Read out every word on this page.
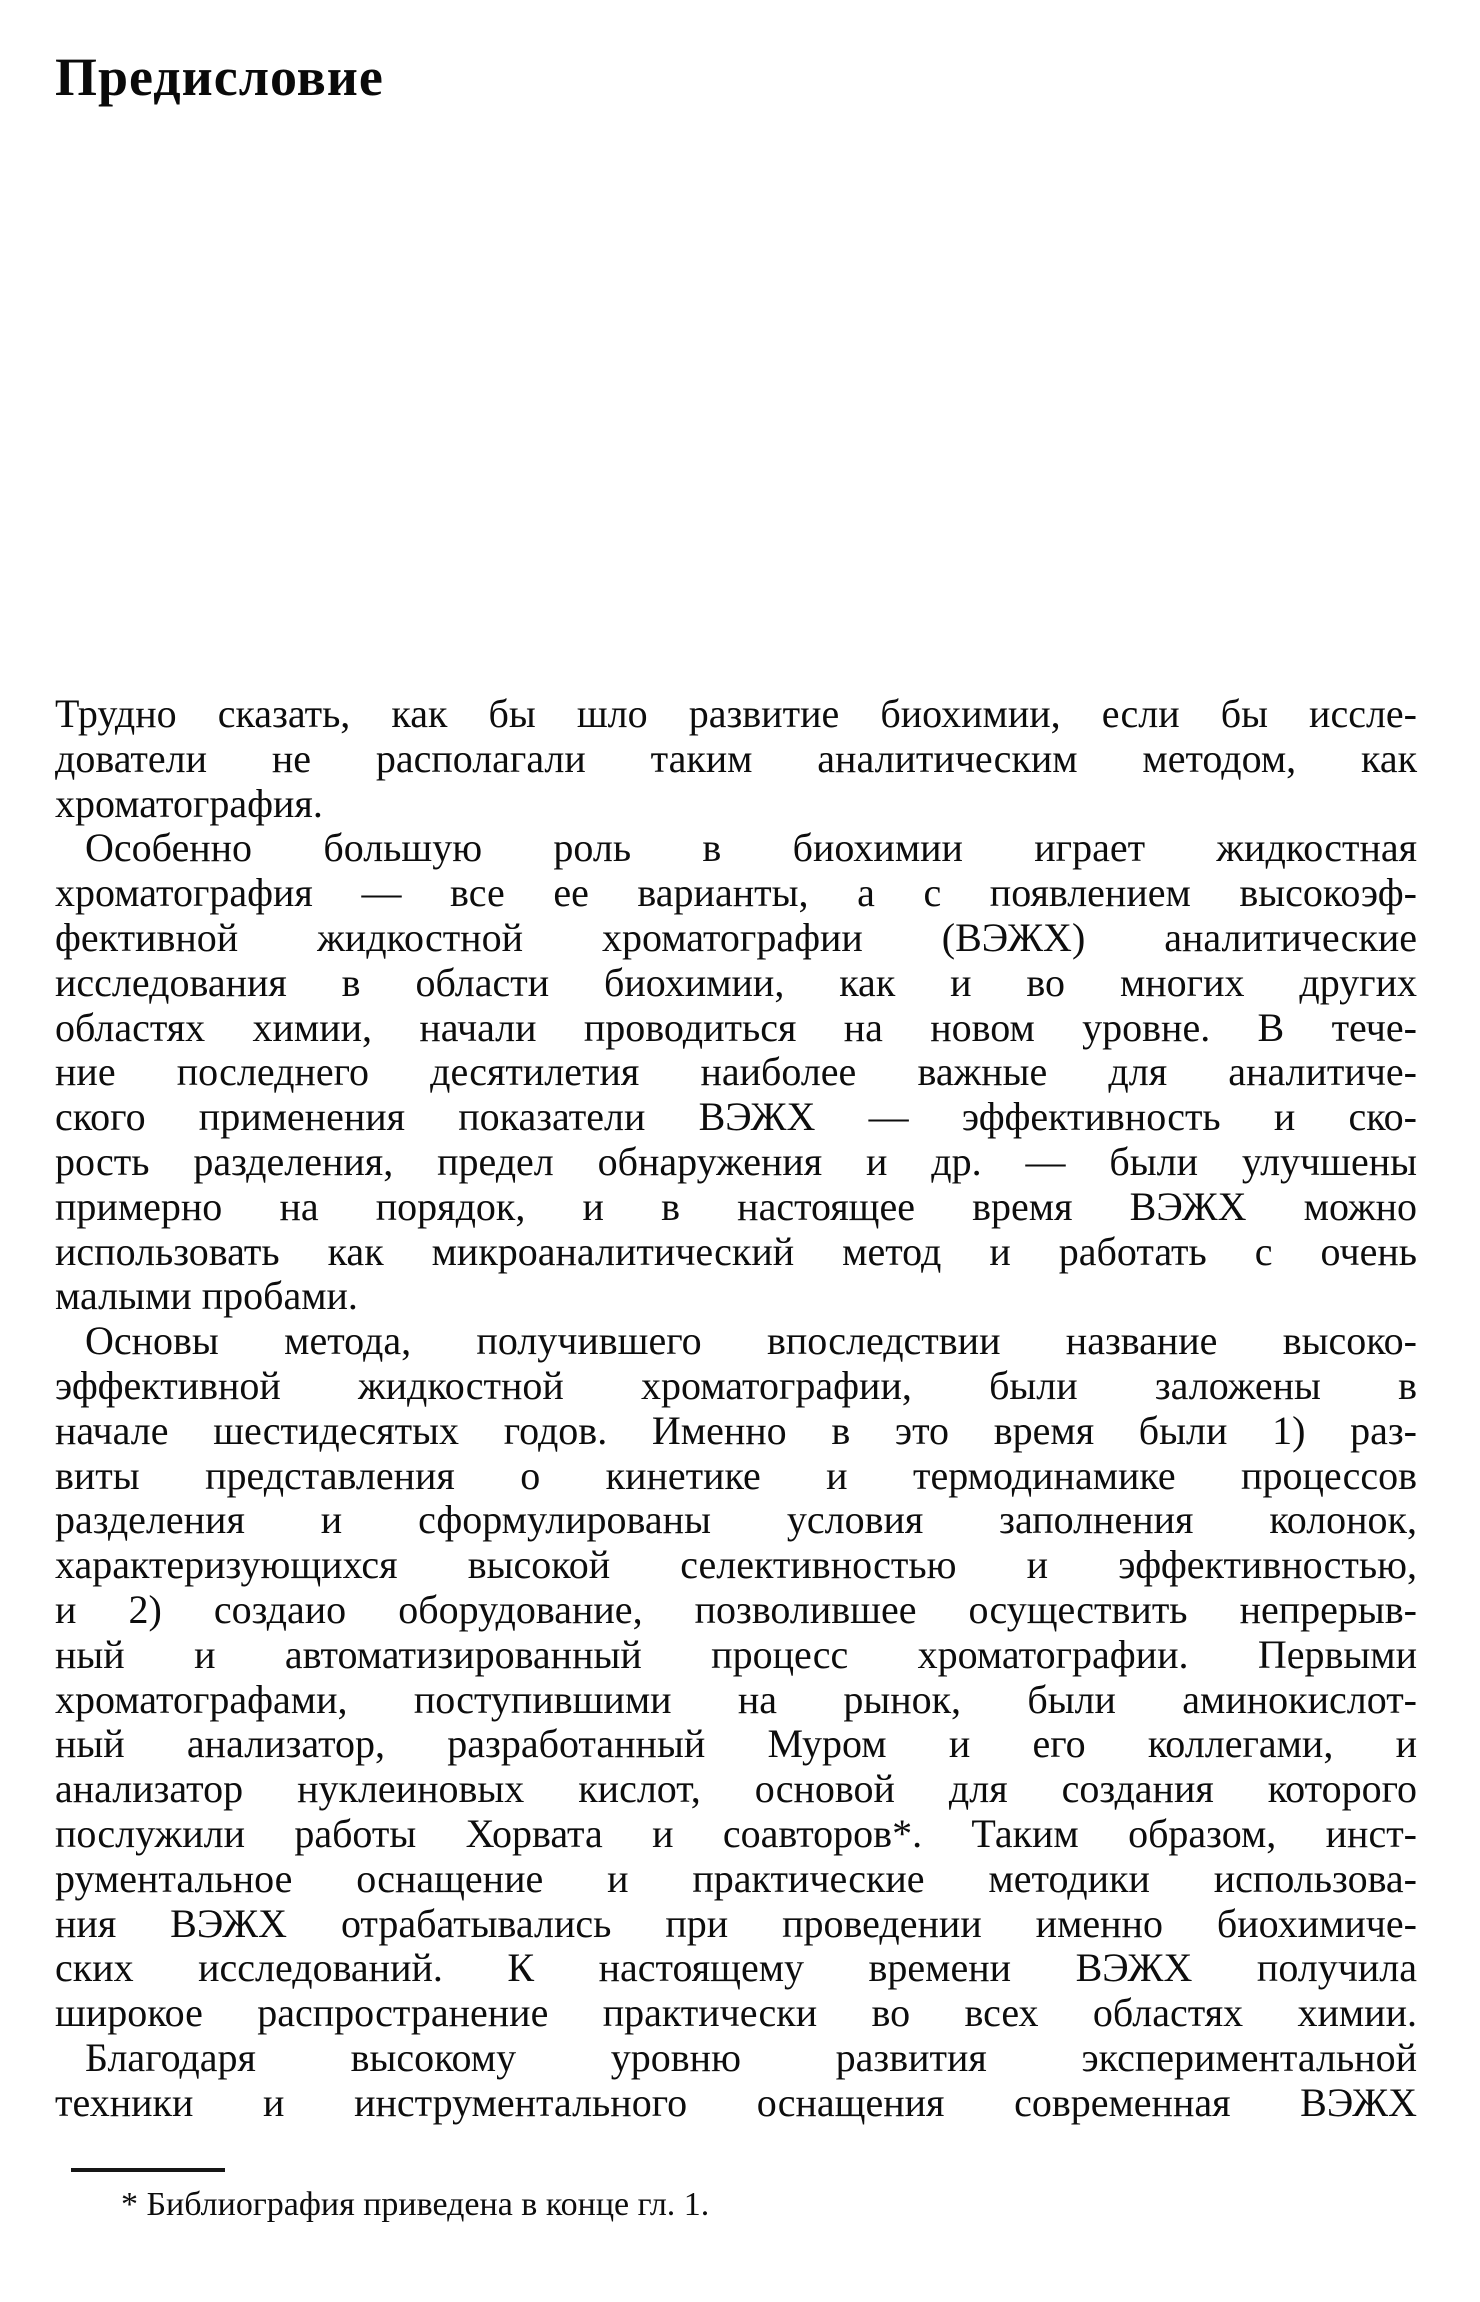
Предисловие
Трудно сказать, как бы шло развитие биохимии, если бы иссле-
дователи не располагали таким аналитическим методом, как
хроматография.
Особенно большую роль в биохимии играет жидкостная
хроматография — все ее варианты, а с появлением высокоэф-
фективной жидкостной хроматографии (ВЭЖХ) аналитические
исследования в области биохимии, как и во многих других
областях химии, начали проводиться на новом уровне. В тече-
ние последнего десятилетия наиболее важные для аналитиче-
ского применения показатели ВЭЖХ — эффективность и ско-
рость разделения, предел обнаружения и др. — были улучшены
примерно на порядок, и в настоящее время ВЭЖХ можно
использовать как микроаналитический метод и работать с очень
малыми пробами.
Основы метода, получившего впоследствии название высоко-
эффективной жидкостной хроматографии, были заложены в
начале шестидесятых годов. Именно в это время были 1) раз-
виты представления о кинетике и термодинамике процессов
разделения и сформулированы условия заполнения колонок,
характеризующихся высокой селективностью и эффективностью,
и 2) создаио оборудование, позволившее осуществить непрерыв-
ный и автоматизированный процесс хроматографии. Первыми
хроматографами, поступившими на рынок, были аминокислот-
ный анализатор, разработанный Муром и его коллегами, и
анализатор нуклеиновых кислот, основой для создания которого
послужили работы Хорвата и соавторов*. Таким образом, инст-
рументальное оснащение и практические методики использова-
ния ВЭЖХ отрабатывались при проведении именно биохимиче-
ских исследований. К настоящему времени ВЭЖХ получила
широкое распространение практически во всех областях химии.
Благодаря высокому уровню развития экспериментальной
техники и инструментального оснащения современная ВЭЖХ
* Библиография приведена в конце гл. 1.
